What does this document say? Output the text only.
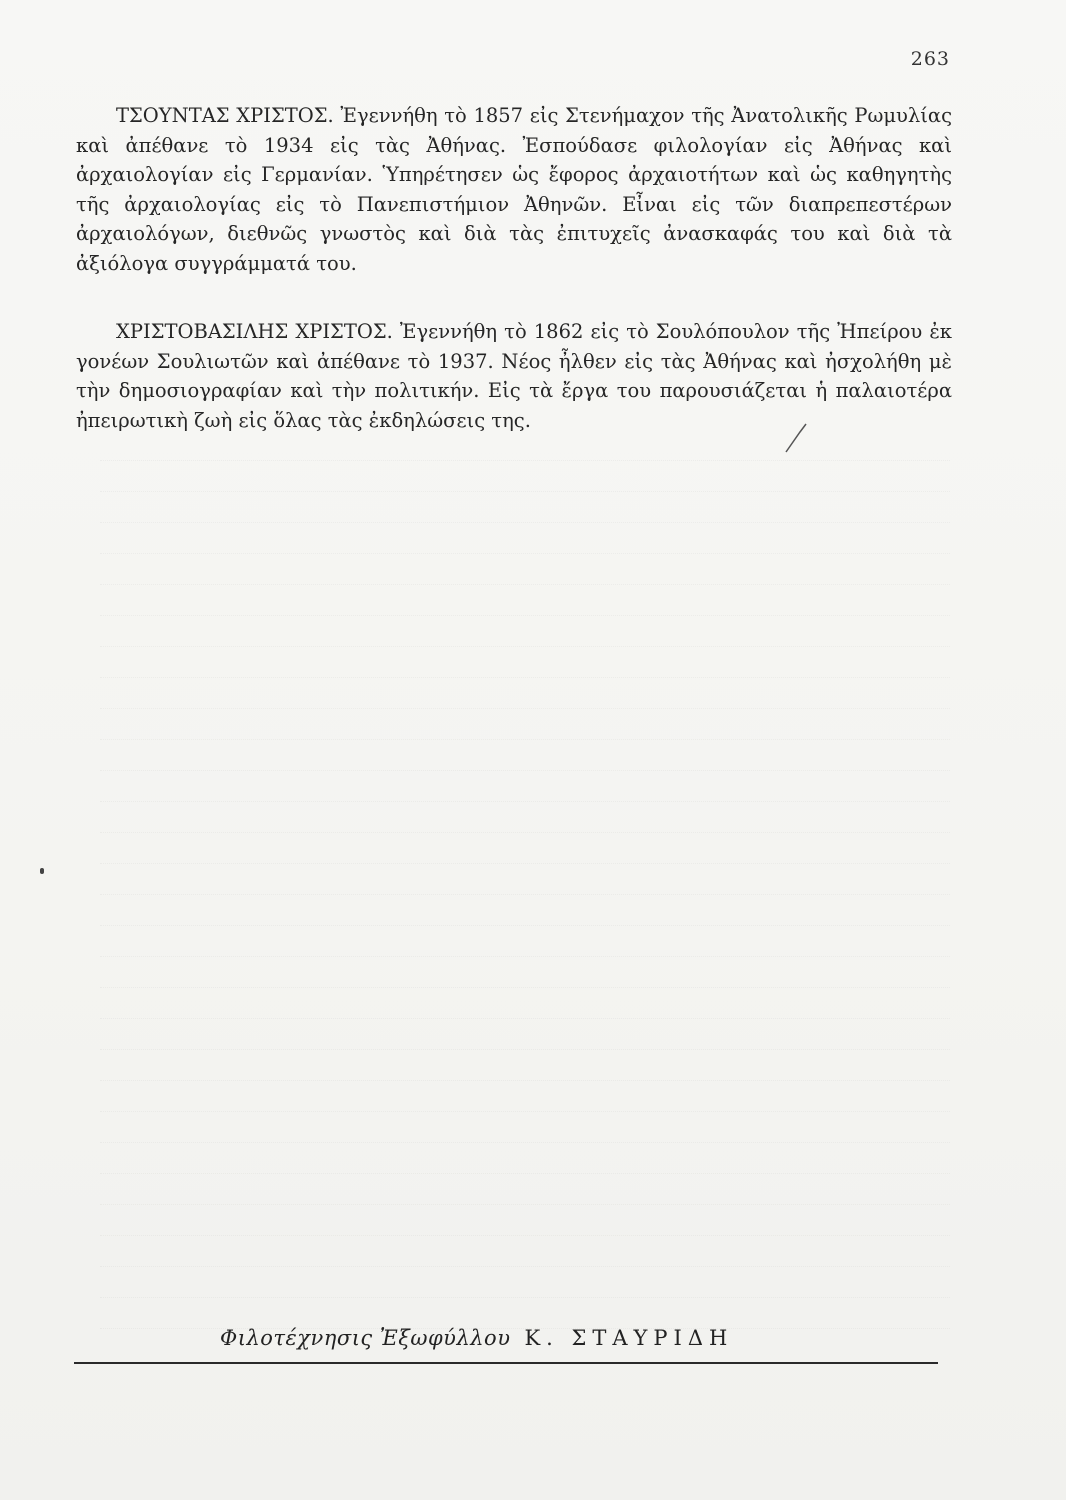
263

ΤΣΟΥΝΤΑΣ ΧΡΙΣΤΟΣ. Ἐγεννήθη τὸ 1857 εἰς Στενήμαχον τῆς Ἀνατολικῆς Ρωμυλίας καὶ ἀπέθανε τὸ 1934 εἰς τὰς Ἀθήνας. Ἐσπούδασε φιλολογίαν εἰς Ἀθήνας καὶ ἀρχαιολογίαν εἰς Γερμανίαν. Ὑπηρέτησεν ὡς ἔφορος ἀρχαιοτήτων καὶ ὡς καθηγητὴς τῆς ἀρχαιολογίας εἰς τὸ Πανεπιστήμιον Ἀθηνῶν. Εἶναι εἰς τῶν διαπρεπεστέρων ἀρχαιολόγων, διεθνῶς γνωστὸς καὶ διὰ τὰς ἐπιτυχεῖς ἀνασκαφάς του καὶ διὰ τὰ ἀξιόλογα συγγράμματά του.

ΧΡΙΣΤΟΒΑΣΙΛΗΣ ΧΡΙΣΤΟΣ. Ἐγεννήθη τὸ 1862 εἰς τὸ Σουλόπουλον τῆς Ἠπείρου ἐκ γονέων Σουλιωτῶν καὶ ἀπέθανε τὸ 1937. Νέος ἦλθεν εἰς τὰς Ἀθήνας καὶ ἠσχολήθη μὲ τὴν δημοσιογραφίαν καὶ τὴν πολιτικήν. Εἰς τὰ ἔργα του παρουσιάζεται ἡ παλαιοτέρα ἠπειρωτικὴ ζωὴ εἰς ὅλας τὰς ἐκδηλώσεις της.

Φιλοτέχνησις Ἐξωφύλλου Κ. ΣΤΑΥΡΙΔΗ
